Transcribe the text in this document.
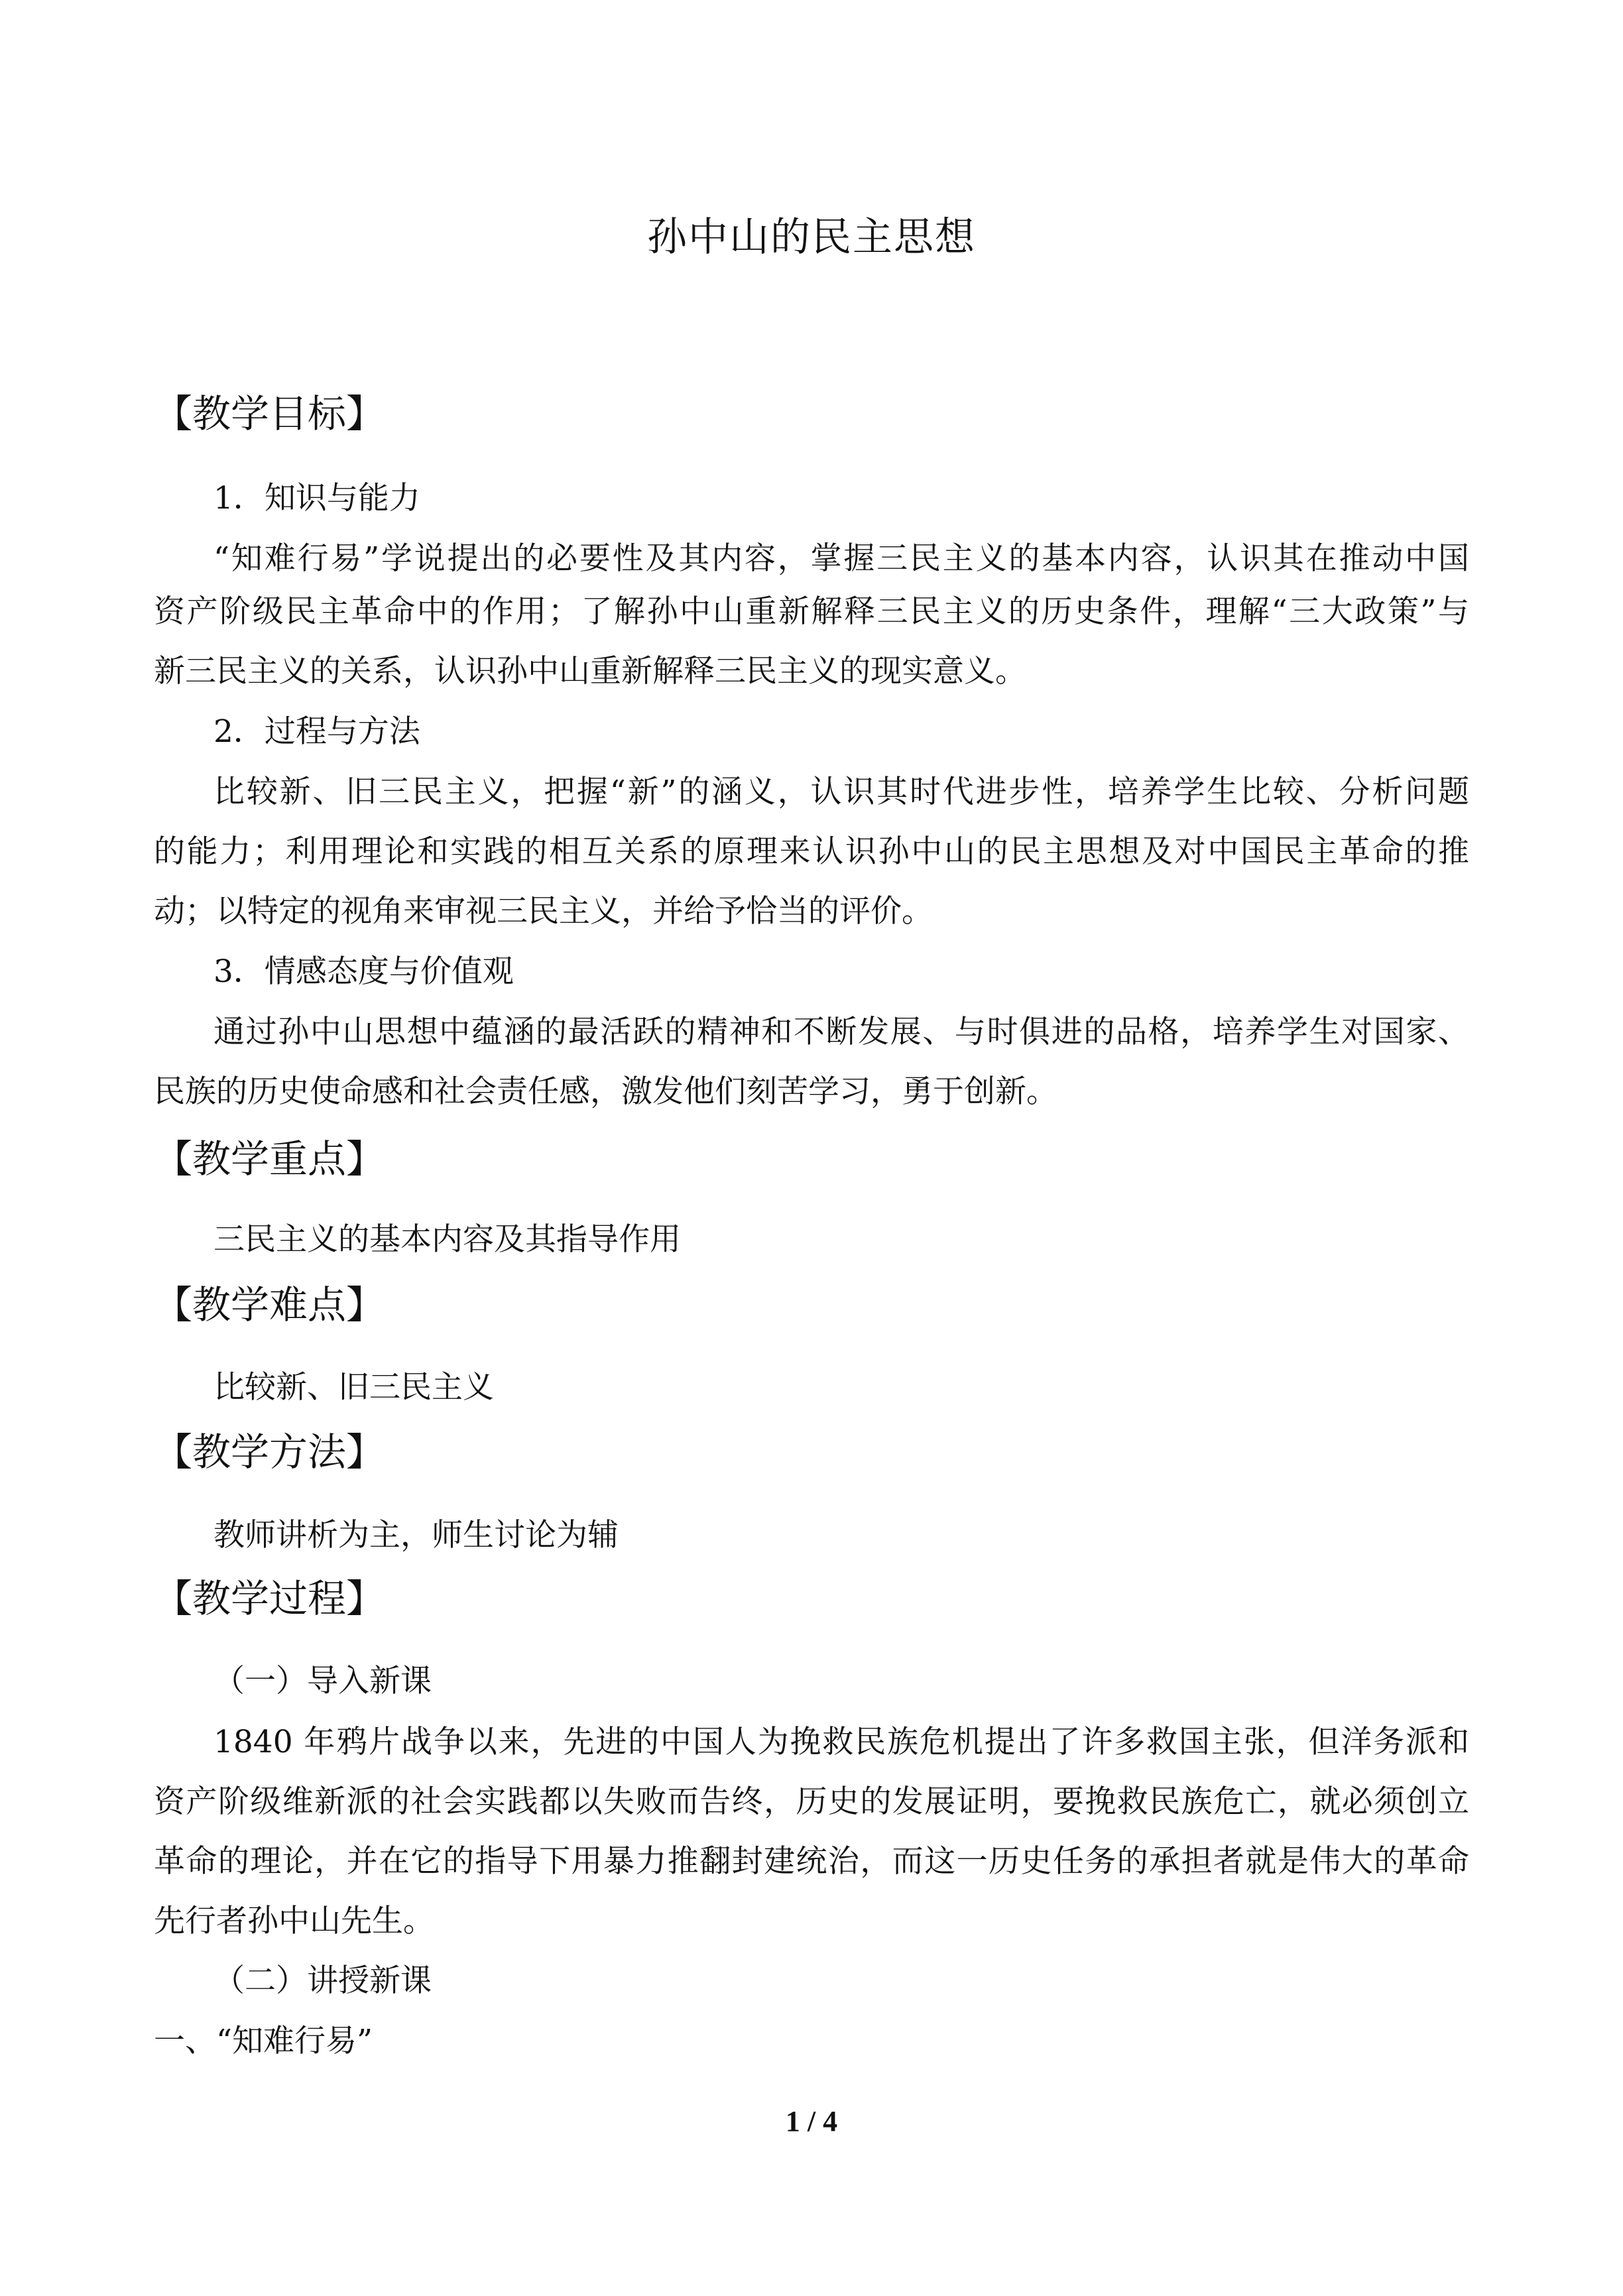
孙中山的民主思想
【教学目标】
1．知识与能力
“知难行易”学说提出的必要性及其内容，掌握三民主义的基本内容，认识其在推动中国
资产阶级民主革命中的作用；了解孙中山重新解释三民主义的历史条件，理解“三大政策”与
新三民主义的关系，认识孙中山重新解释三民主义的现实意义。
2．过程与方法
比较新、旧三民主义，把握“新”的涵义，认识其时代进步性，培养学生比较、分析问题
的能力；利用理论和实践的相互关系的原理来认识孙中山的民主思想及对中国民主革命的推
动；以特定的视角来审视三民主义，并给予恰当的评价。
3．情感态度与价值观
通过孙中山思想中蕴涵的最活跃的精神和不断发展、与时俱进的品格，培养学生对国家、
民族的历史使命感和社会责任感，激发他们刻苦学习，勇于创新。
【教学重点】
三民主义的基本内容及其指导作用
【教学难点】
比较新、旧三民主义
【教学方法】
教师讲析为主，师生讨论为辅
【教学过程】
（一）导入新课
1840 年鸦片战争以来，先进的中国人为挽救民族危机提出了许多救国主张，但洋务派和
资产阶级维新派的社会实践都以失败而告终，历史的发展证明，要挽救民族危亡，就必须创立
革命的理论，并在它的指导下用暴力推翻封建统治，而这一历史任务的承担者就是伟大的革命
先行者孙中山先生。
（二）讲授新课
一、“知难行易”
1 / 4
